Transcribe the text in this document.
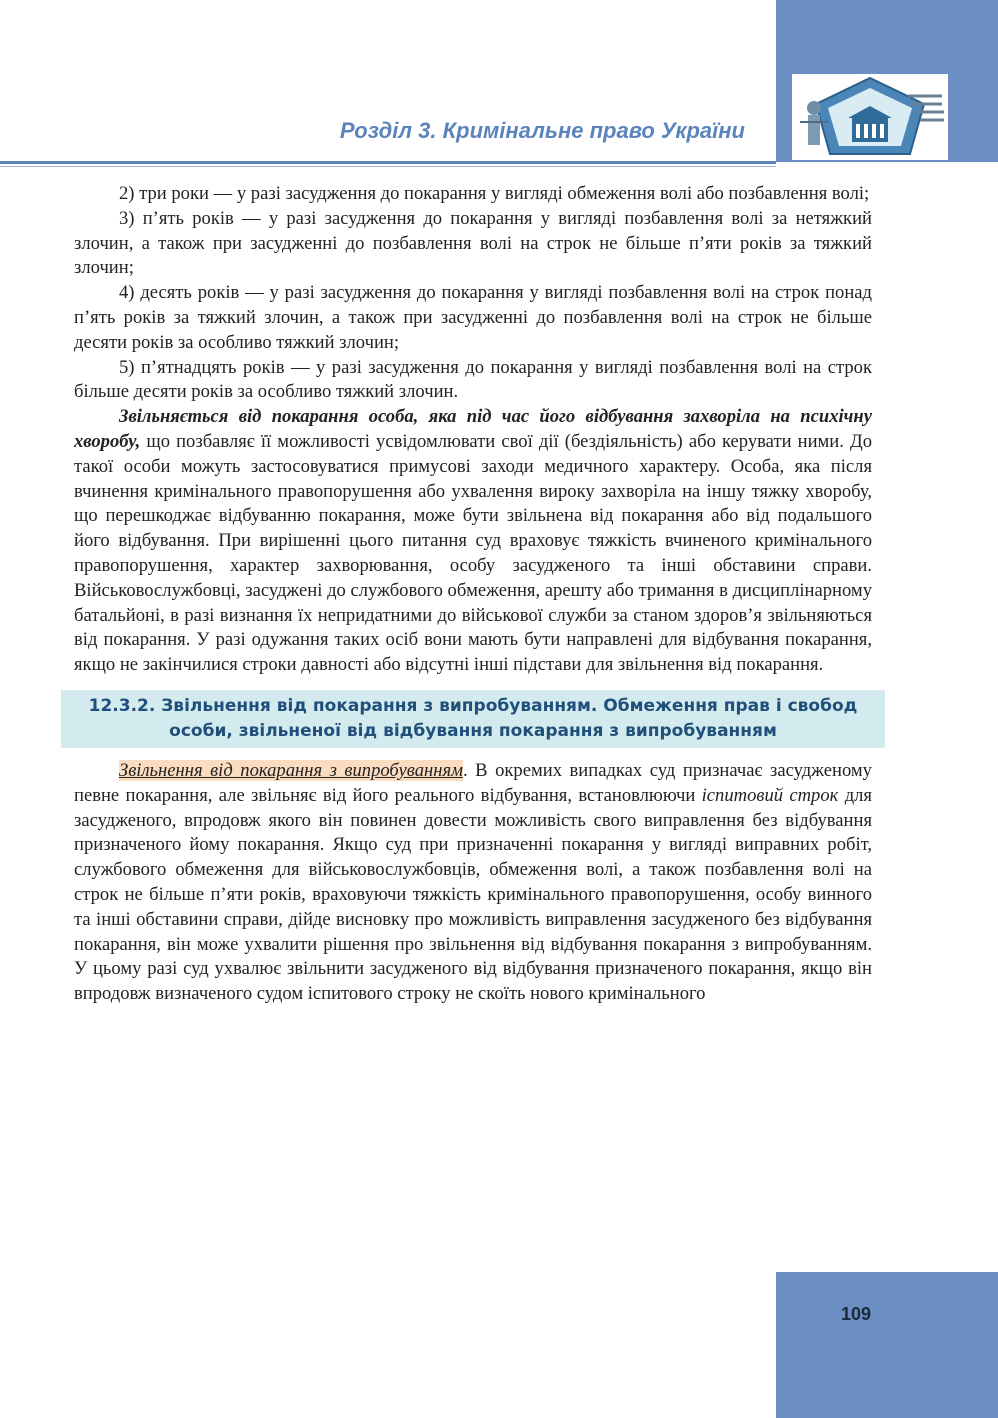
Розділ 3. Кримінальне право України

2) три роки — у разі засудження до покарання у вигляді обмеження волі або позбавлення волі;

3) п’ять років — у разі засудження до покарання у вигляді позбавлення волі за нетяжкий злочин, а також при засудженні до позбавлення волі на строк не більше п’яти років за тяжкий злочин;

4) десять років — у разі засудження до покарання у вигляді позбавлення волі на строк понад п’ять років за тяжкий злочин, а також при засудженні до позбавлення волі на строк не більше десяти років за особливо тяжкий злочин;

5) п’ятнадцять років — у разі засудження до покарання у вигляді позбавлення волі на строк більше десяти років за особливо тяжкий злочин.

Звільняється від покарання особа, яка під час його відбування захворіла на психічну хворобу, що позбавляє її можливості усвідомлювати свої дії (бездіяльність) або керувати ними. До такої особи можуть застосовуватися примусові заходи медичного характеру. Особа, яка після вчинення кримінального правопорушення або ухвалення вироку захворіла на іншу тяжку хворобу, що перешкоджає відбуванню покарання, може бути звільнена від покарання або від подальшого його відбування. При вирішенні цього питання суд враховує тяжкість вчиненого кримінального правопорушення, характер захворювання, особу засудженого та інші обставини справи. Військовослужбовці, засуджені до службового обмеження, арешту або тримання в дисциплінарному батальйоні, в разі визнання їх непридатними до військової служби за станом здоров’я звільняються від покарання. У разі одужання таких осіб вони мають бути направлені для відбування покарання, якщо не закінчилися строки давності або відсутні інші підстави для звільнення від покарання.

12.3.2. Звільнення від покарання з випробуванням. Обмеження прав і свобод особи, звільненої від відбування покарання з випробуванням

Звільнення від покарання з випробуванням. В окремих випадках суд призначає засудженому певне покарання, але звільняє від його реального відбування, встановлюючи іспитовий строк для засудженого, впродовж якого він повинен довести можливість свого виправлення без відбування призначеного йому покарання. Якщо суд при призначенні покарання у вигляді виправних робіт, службового обмеження для військовослужбовців, обмеження волі, а також позбавлення волі на строк не більше п’яти років, враховуючи тяжкість кримінального правопорушення, особу винного та інші обставини справи, дійде висновку про можливість виправлення засудженого без відбування покарання, він може ухвалити рішення про звільнення від відбування покарання з випробуванням. У цьому разі суд ухвалює звільнити засудженого від відбування призначеного покарання, якщо він впродовж визначеного судом іспитового строку не скоїть нового кримінального

109
